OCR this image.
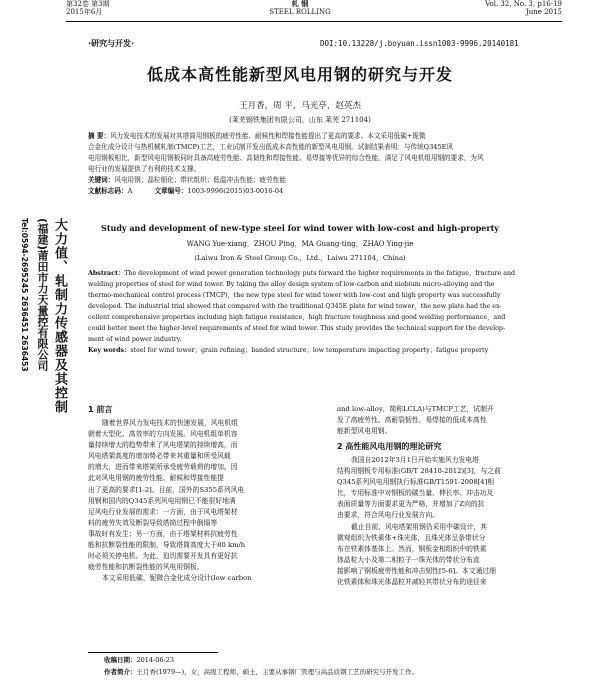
第32卷 第3期
2015年6月
轧 钢
STEEL ROLLING
Vol. 32, No. 3, p16-19
June 2015
·研究与开发·	DOI:10.13228/j.boyuan.issn1003-9996.20140181
低成本高性能新型风电用钢的研究与开发
王月香，周 平，马光亭，赵英杰
(莱芜钢铁集团有限公司，山东 莱芜 271104)
摘 要：风力发电技术的发展对其塔筒用钢板的疲劳性能、耐候性和焊接性能提出了更高的要求。本文采用低碳+铌微
合金化成分设计与热机械轧制(TMCP)工艺，工业试制开发出低成本高性能的新型风电用钢。试制结果表明：与传统Q345E风
电用钢板相比，新型风电用钢板同时具备高疲劳性能、高韧性和焊接性能、易焊接等优异的综合性能，满足了风电机组用钢的要求，为风
电行业的发展提供了有利的技术支撑。
关键词：风电用钢；晶粒细化；带状组织；低温冲击性能；疲劳性能
文献标志码：A	文章编号：1003-9996(2015)03-0016-04
Study and development of new-type steel for wind tower with low-cost and high-property
WANG Yue-xiang，ZHOU Ping，MA Guang-ting，ZHAO Ying-jie
(Laiwu Iron & Steel Group Co.，Ltd.，Laiwu 271104，China)
Abstract：The development of wind power generation technology puts forward the higher requirements in the fatigue，fracture and
welding properties of steel for wind tower. By taking the alloy design system of low-carbon and niobium micro-alloying and the
thermo-mechanical control process (TMCP)，the new type steel for wind tower with low-cost and high property was successfully
developed. The industrial trial showed that compared with the traditional Q345E plate for wind tower，the new plate had the ex-
cellent comprehensive properties including high fatigue resistance，high fracture toughness and good welding performance，and
could better meet the higher-level requirements of steel for wind tower. This study provides the technical support for the develop-
ment of wind power industry.
Key words：steel for wind tower；grain refining；banded structure；low temperature impacting property；fatigue property
大力值、轧制力传感器及其控制
(福建)莆田市力天量控有限公司
Tel:0594-2695245 2636451 2636453
1 前言
随着世界风力发电技术的快速发展，风电机组
朝着大型化、高效率的方向发展。风电机组单机容
量持续增大的趋势带来了风电塔架的持续增高，而
风电塔架高度的增加势必带来其重量和所受风载
的增大，进而带来塔架所承受疲劳载荷的增加。因
此对风电用钢的疲劳性能、耐候和焊接性能提
出了更高的要求[1-2]。目前，国外的S355系列风电
用钢和国内的Q345系列风电用钢已不能很好地满
足风电行业发展的需求：一方面，由于风电塔架材
料的疲劳失效及断裂导致塔筒过程中倒塌等
事故时有发生；另一方面，由于塔架材料抗疲劳性
能和抗断裂性能的限制，导致塔筒高度大于80 km/h
时必须关停电机。为此，迫切需要开发具有更好抗
疲劳性能和抗断裂性能的风电用钢板。
本文采用低碳、铌微合金化成分设计(low carbon
and low-alloy，简称LCLA)与TMCP工艺，试制开
发了高疲劳性、高耐裂韧性、易焊接的低成本高性
能新型风电用钢。
2 高性能风电用钢的理论研究
我国自2012年3月1日开始实施风力发电塔
结构用钢板专用标准(GB/T 28410-2012)[3]，与之前
Q345系列风电用钢执行标准GB/T1591-2008[4]相
比，专用标准中对钢板的碳当量、伸长率、冲击功及
表面质量等方面要求更为严格，并增加了Z向的抗
由要求，符合风电行业发展方向。
截止目前，风电塔架用钢仍采用中碳设计，其
微观组织为铁素体+珠光体，且珠光体呈条带状分
布在铁素体基体上。然而，钢板金相组织中的铁素
体晶粒大小及第二相粒子一珠光体的带状分布直
接影响了钢板疲劳性能和冲击韧性[5-6]。本文通过细
化铁素体和珠光体晶粒并减轻其带状分布的途径来
收稿日期：2014-06-23
作者简介：王月香(1979—)，女，高级工程师，硕士，主要从事钢厂管理与高品质钢工艺的研究与开发工作。
